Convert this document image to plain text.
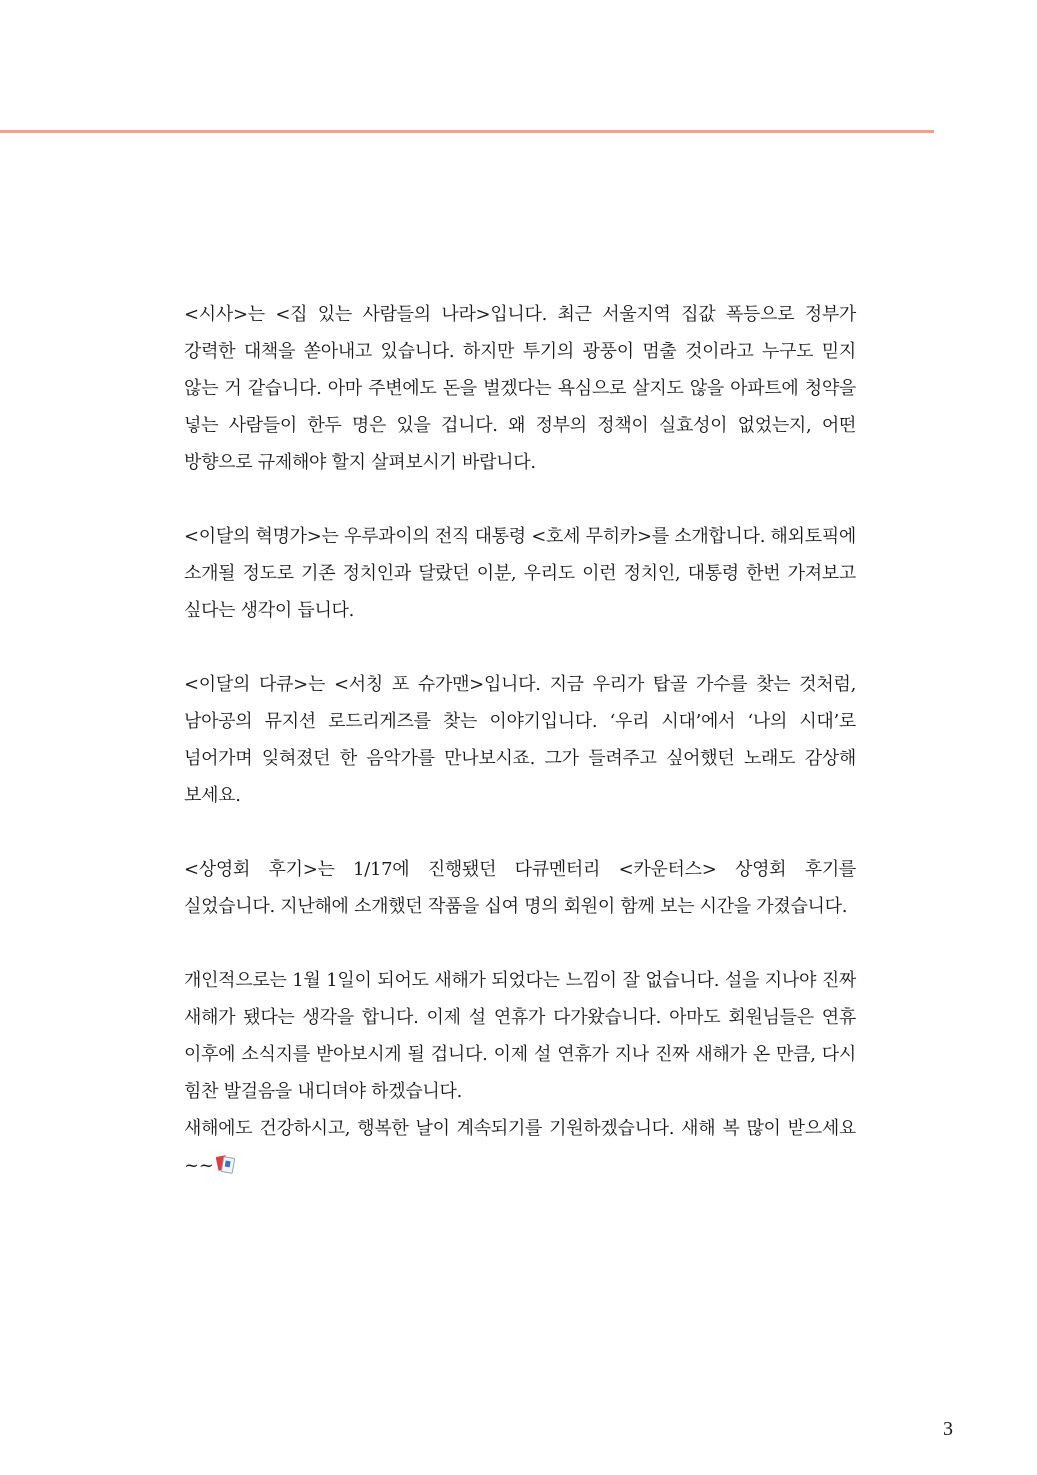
<시사>는 <집 있는 사람들의 나라>입니다. 최근 서울지역 집값 폭등으로 정부가 강력한 대책을 쏟아내고 있습니다. 하지만 투기의 광풍이 멈출 것이라고 누구도 믿지 않는 거 같습니다. 아마 주변에도 돈을 벌겠다는 욕심으로 살지도 않을 아파트에 청약을 넣는 사람들이 한두 명은 있을 겁니다. 왜 정부의 정책이 실효성이 없었는지, 어떤 방향으로 규제해야 할지 살펴보시기 바랍니다.

<이달의 혁명가>는 우루과이의 전직 대통령 <호세 무히카>를 소개합니다. 해외토픽에 소개될 정도로 기존 정치인과 달랐던 이분, 우리도 이런 정치인, 대통령 한번 가져보고 싶다는 생각이 듭니다.

<이달의 다큐>는 <서칭 포 슈가맨>입니다. 지금 우리가 탑골 가수를 찾는 것처럼, 남아공의 뮤지션 로드리게즈를 찾는 이야기입니다. ‘우리 시대’에서 ‘나의 시대’로 넘어가며 잊혀졌던 한 음악가를 만나보시죠. 그가 들려주고 싶어했던 노래도 감상해 보세요.

<상영회 후기>는 1/17에 진행됐던 다큐멘터리 <카운터스> 상영회 후기를 실었습니다. 지난해에 소개했던 작품을 십여 명의 회원이 함께 보는 시간을 가졌습니다.

개인적으로는 1월 1일이 되어도 새해가 되었다는 느낌이 잘 없습니다. 설을 지나야 진짜 새해가 됐다는 생각을 합니다. 이제 설 연휴가 다가왔습니다. 아마도 회원님들은 연휴 이후에 소식지를 받아보시게 될 겁니다. 이제 설 연휴가 지나 진짜 새해가 온 만큼, 다시 힘찬 발걸음을 내디뎌야 하겠습니다.

새해에도 건강하시고, 행복한 날이 계속되기를 기원하겠습니다. 새해 복 많이 받으세요~~

3
